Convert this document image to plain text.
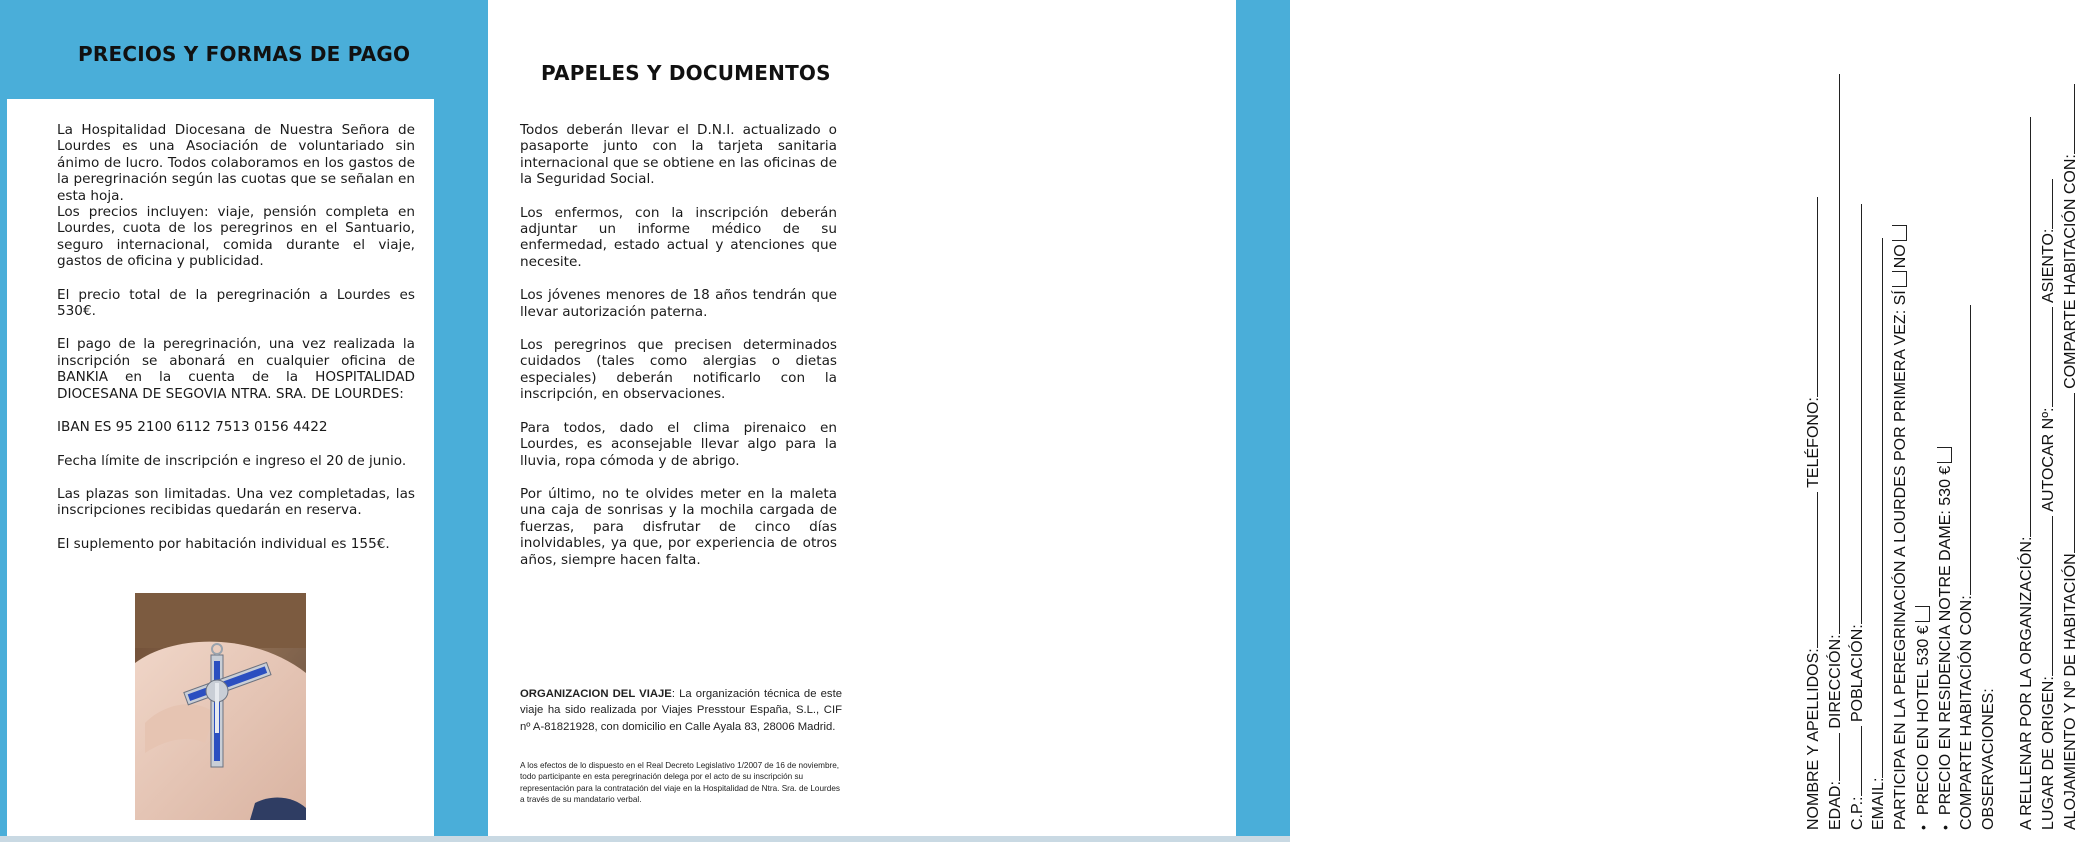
PRECIOS Y FORMAS DE PAGO

La Hospitalidad Diocesana de Nuestra Señora de Lourdes es una Asociación de voluntariado sin ánimo de lucro. Todos colaboramos en los gastos de la peregrinación según las cuotas que se señalan en esta hoja.

Los precios incluyen: viaje, pensión completa en Lourdes, cuota de los peregrinos en el Santuario, seguro internacional, comida durante el viaje, gastos de oficina y publicidad.

El precio total de la peregrinación a Lourdes es 530€.

El pago de la peregrinación, una vez realizada la inscripción se abonará en cualquier oficina de BANKIA en la cuenta de la HOSPITALIDAD DIOCESANA DE SEGOVIA NTRA. SRA. DE LOURDES:

IBAN ES 95 2100 6112 7513 0156 4422

Fecha límite de inscripción e ingreso el 20 de junio.

Las plazas son limitadas. Una vez completadas, las inscripciones recibidas quedarán en reserva.

El suplemento por habitación individual es 155€.

PAPELES Y DOCUMENTOS

Todos deberán llevar el D.N.I. actualizado o pasaporte junto con la tarjeta sanitaria internacional que se obtiene en las oficinas de la Seguridad Social.

Los enfermos, con la inscripción deberán adjuntar un informe médico de su enfermedad, estado actual y atenciones que necesite.

Los jóvenes menores de 18 años tendrán que llevar autorización paterna.

Los peregrinos que precisen determinados cuidados (tales como alergias o dietas especiales) deberán notificarlo con la inscripción, en observaciones.

Para todos, dado el clima pirenaico en Lourdes, es aconsejable llevar algo para la lluvia, ropa cómoda y de abrigo.

Por último, no te olvides meter en la maleta una caja de sonrisas y la mochila cargada de fuerzas, para disfrutar de cinco días inolvidables, ya que, por experiencia de otros años, siempre hacen falta.

ORGANIZACION DEL VIAJE: La organización técnica de este viaje ha sido realizada por Viajes Presstour España, S.L., CIF nº A-81821928, con domicilio en Calle Ayala 83, 28006 Madrid.
A los efectos de lo dispuesto en el Real Decreto Legislativo 1/2007 de 16 de noviembre, todo participante en esta peregrinación delega por el acto de su inscripción su representación para la contratación del viaje en la Hospitalidad de Ntra. Sra. de Lourdes a través de su mandatario verbal.	NOMBRE Y APELLIDOS: TELÉFONO:
EDAD: DIRECCIÓN:
C.P.: POBLACIÓN:
EMAIL: PARTICIPA EN LA PEREGRINACIÓN A LOURDES POR PRIMERA VEZ: SÍNO
•PRECIO EN HOTEL 530 €
•PRECIO EN RESIDENCIA NOTRE DAME: 530 € COMPARTE HABITACIÓN CON: OBSERVACIONES: A RELLENAR POR LA ORGANIZACIÓN: LUGAR DE ORIGEN: AUTOCAR Nº: ASIENTO:
ALOJAMIENTO Y Nº DE HABITACIÓN COMPARTE HABITACIÓN CON:
